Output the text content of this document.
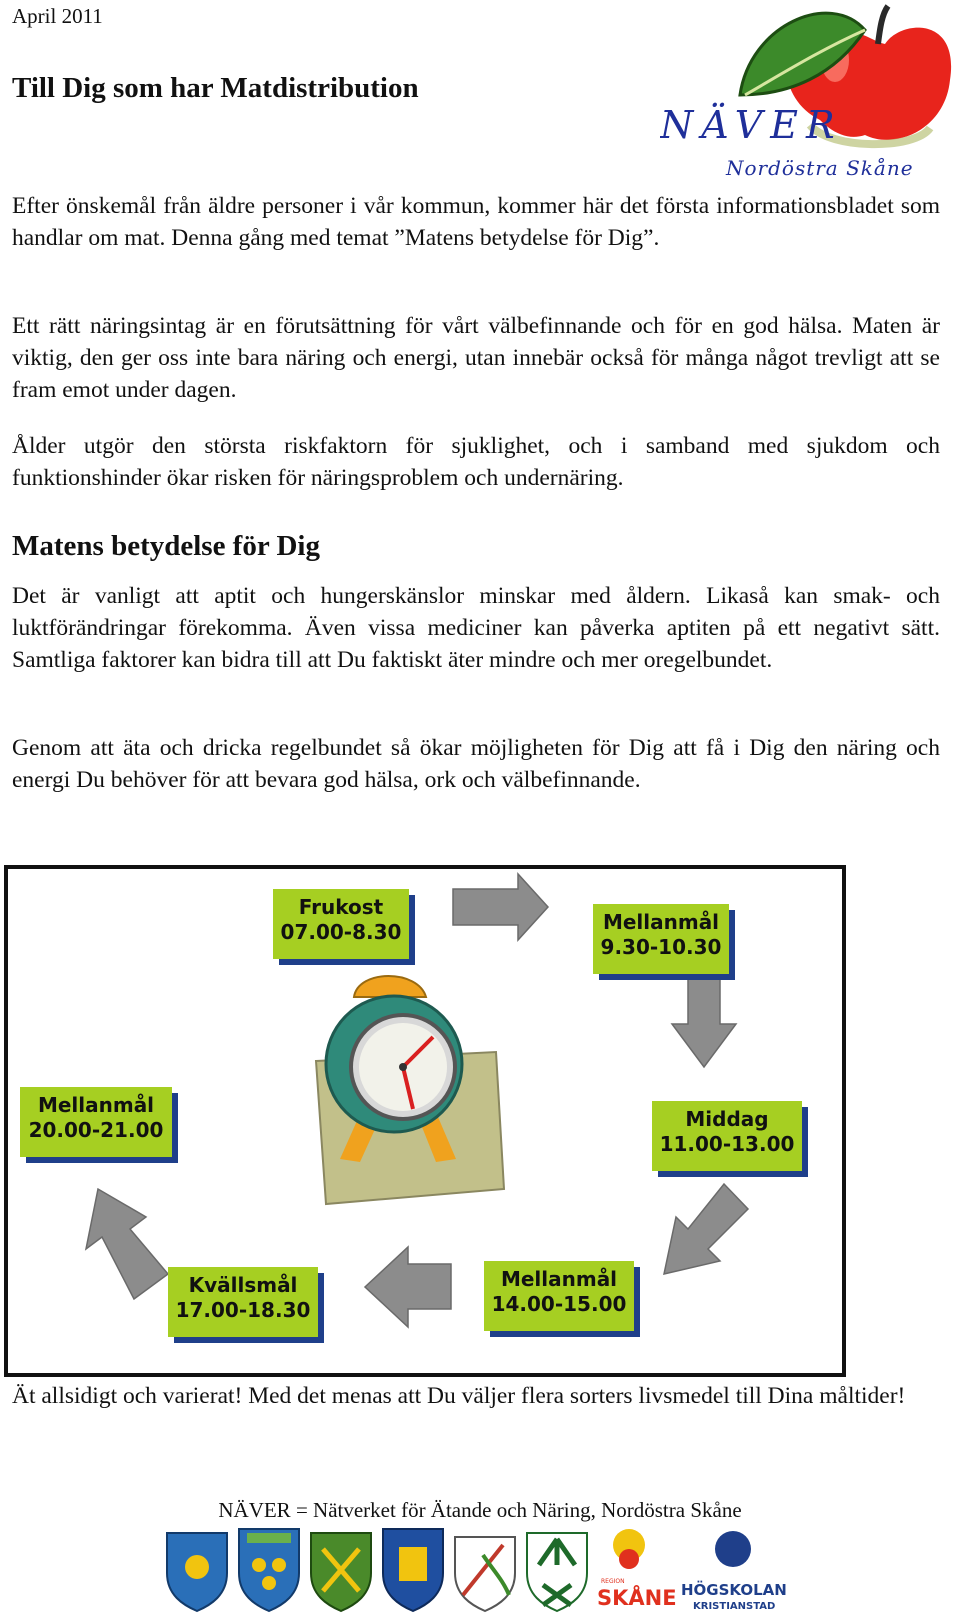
April 2011
Till Dig som har Matdistribution
NÄVER
Nordöstra Skåne

Efter önskemål från äldre personer i vår kommun, kommer här det första informationsbladet som handlar om mat. Denna gång med temat ”Matens betydelse för Dig”.

Ett rätt näringsintag är en förutsättning för vårt välbefinnande och för en god hälsa. Maten är viktig, den ger oss inte bara näring och energi, utan innebär också för många något trevligt att se fram emot under dagen.

Ålder utgör den största riskfaktorn för sjuklighet, och i samband med sjukdom och funktionshinder ökar risken för näringsproblem och undernäring.

Matens betydelse för Dig

Det är vanligt att aptit och hungerskänslor minskar med åldern. Likaså kan smak- och luktförändringar förekomma. Även vissa mediciner kan påverka aptiten på ett negativt sätt. Samtliga faktorer kan bidra till att Du faktiskt äter mindre och mer oregelbundet.

Genom att äta och dricka regelbundet så ökar möjligheten för Dig att få i Dig den näring och energi Du behöver för att bevara god hälsa, ork och välbefinnande.

Frukost
07.00-8.30	Mellanmål
9.30-10.30
Middag
11.00-13.00
Mellanmål
14.00-15.00
Kvällsmål
17.00-18.30
Mellanmål
20.00-21.00

Ät allsidigt och varierat! Med det menas att Du väljer flera sorters livsmedel till Dina måltider!

NÄVER = Nätverket för Ätande och Näring, Nordöstra Skåne

REGION
SKÅNE HÖGSKOLAN
KRISTIANSTAD
